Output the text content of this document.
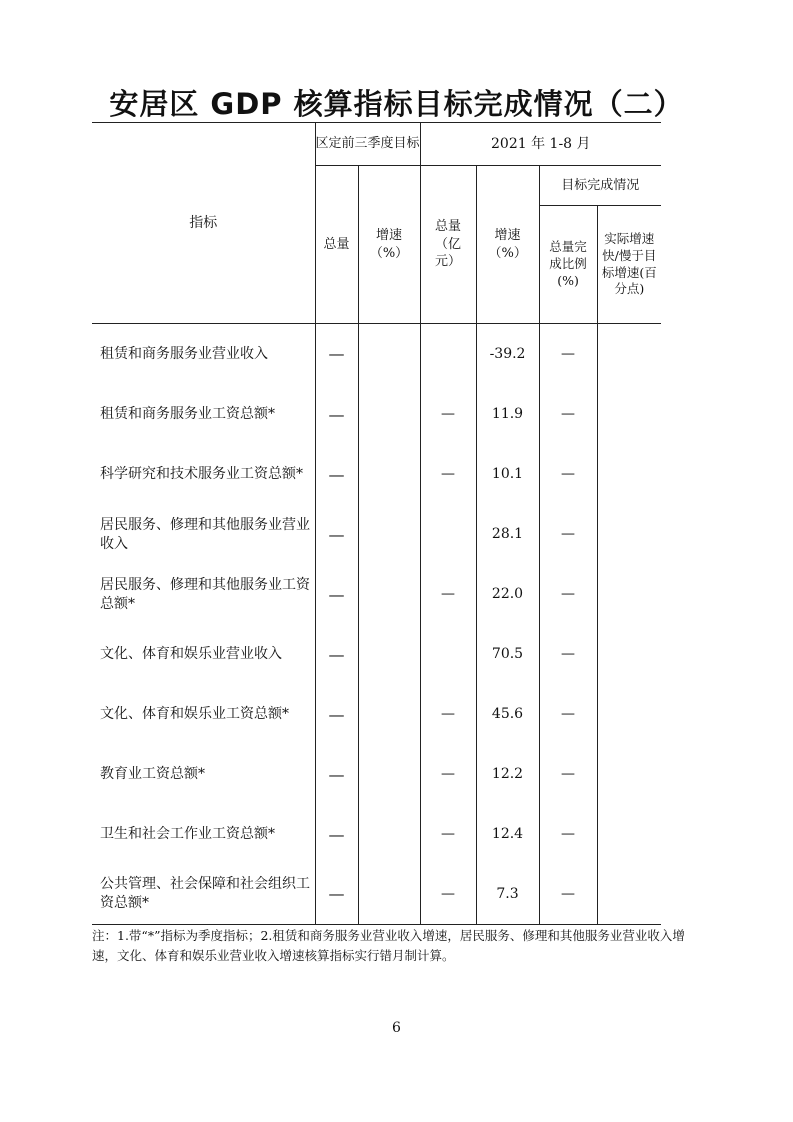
安居区 GDP 核算指标目标完成情况（二）
指标	区定前三季度目标		2021 年 1-8 月			
	总量	增速（%）	总量（亿元）	增速（%）	目标完成情况	
					总量完成比例(%)	实际增速快/慢于目标增速(百分点)
租赁和商务服务业营业收入	—			-39.2	—	
租赁和商务服务业工资总额*	—		—	11.9	—	
科学研究和技术服务业工资总额*	—		—	10.1	—	
居民服务、修理和其他服务业营业收入	—			28.1	—	
居民服务、修理和其他服务业工资总额*	—		—	22.0	—	
文化、体育和娱乐业营业收入	—			70.5	—	
文化、体育和娱乐业工资总额*	—		—	45.6	—	
教育业工资总额*	—		—	12.2	—	
卫生和社会工作业工资总额*	—		—	12.4	—	
公共管理、社会保障和社会组织工资总额*	—		—	7.3	—	
注：1.带“*”指标为季度指标；2.租赁和商务服务业营业收入增速，居民服务、修理和其他服务业营业收入增速，文化、体育和娱乐业营业收入增速核算指标实行错月制计算。
6
